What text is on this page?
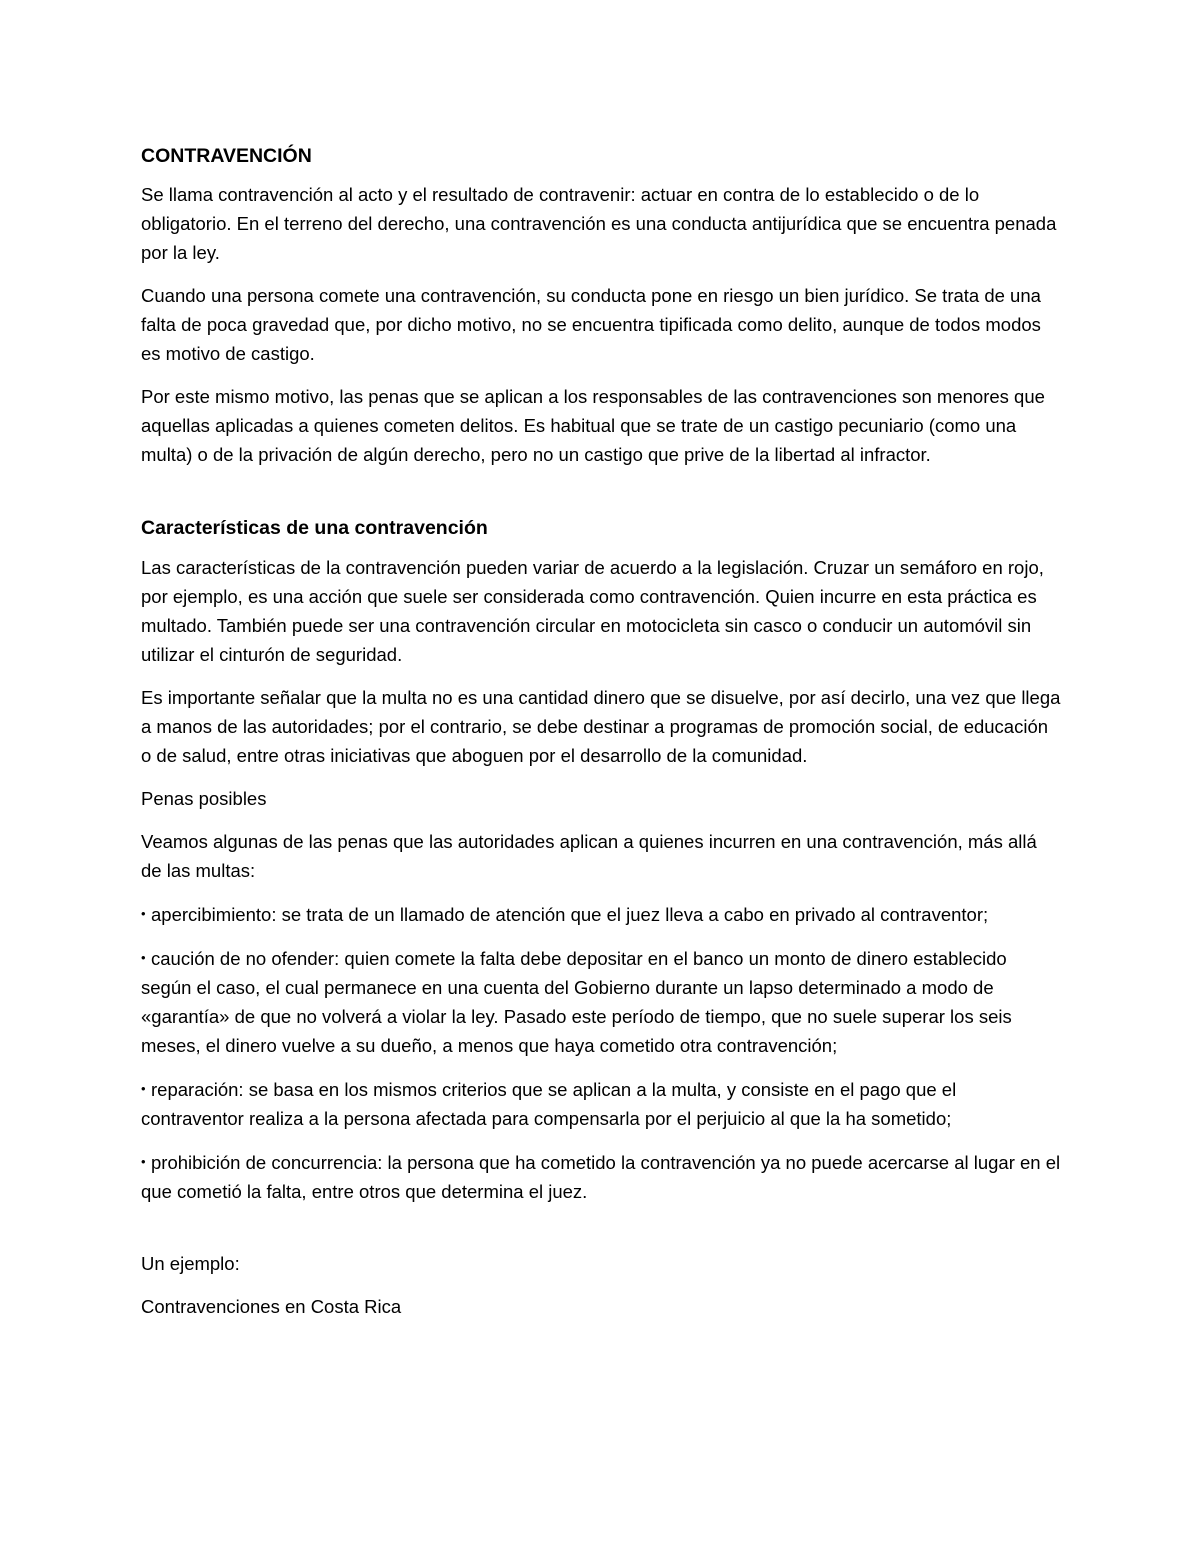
CONTRAVENCIÓN

Se llama contravención al acto y el resultado de contravenir: actuar en contra de lo establecido o de lo obligatorio. En el terreno del derecho, una contravención es una conducta antijurídica que se encuentra penada por la ley.

Cuando una persona comete una contravención, su conducta pone en riesgo un bien jurídico. Se trata de una falta de poca gravedad que, por dicho motivo, no se encuentra tipificada como delito, aunque de todos modos es motivo de castigo.

Por este mismo motivo, las penas que se aplican a los responsables de las contravenciones son menores que aquellas aplicadas a quienes cometen delitos. Es habitual que se trate de un castigo pecuniario (como una multa) o de la privación de algún derecho, pero no un castigo que prive de la libertad al infractor.

Características de una contravención

Las características de la contravención pueden variar de acuerdo a la legislación. Cruzar un semáforo en rojo, por ejemplo, es una acción que suele ser considerada como contravención. Quien incurre en esta práctica es multado. También puede ser una contravención circular en motocicleta sin casco o conducir un automóvil sin utilizar el cinturón de seguridad.

Es importante señalar que la multa no es una cantidad dinero que se disuelve, por así decirlo, una vez que llega a manos de las autoridades; por el contrario, se debe destinar a programas de promoción social, de educación o de salud, entre otras iniciativas que aboguen por el desarrollo de la comunidad.

Penas posibles

Veamos algunas de las penas que las autoridades aplican a quienes incurren en una contravención, más allá de las multas:

• apercibimiento: se trata de un llamado de atención que el juez lleva a cabo en privado al contraventor;

• caución de no ofender: quien comete la falta debe depositar en el banco un monto de dinero establecido según el caso, el cual permanece en una cuenta del Gobierno durante un lapso determinado a modo de «garantía» de que no volverá a violar la ley. Pasado este período de tiempo, que no suele superar los seis meses, el dinero vuelve a su dueño, a menos que haya cometido otra contravención;

• reparación: se basa en los mismos criterios que se aplican a la multa, y consiste en el pago que el contraventor realiza a la persona afectada para compensarla por el perjuicio al que la ha sometido;

• prohibición de concurrencia: la persona que ha cometido la contravención ya no puede acercarse al lugar en el que cometió la falta, entre otros que determina el juez.

Un ejemplo:

Contravenciones en Costa Rica
